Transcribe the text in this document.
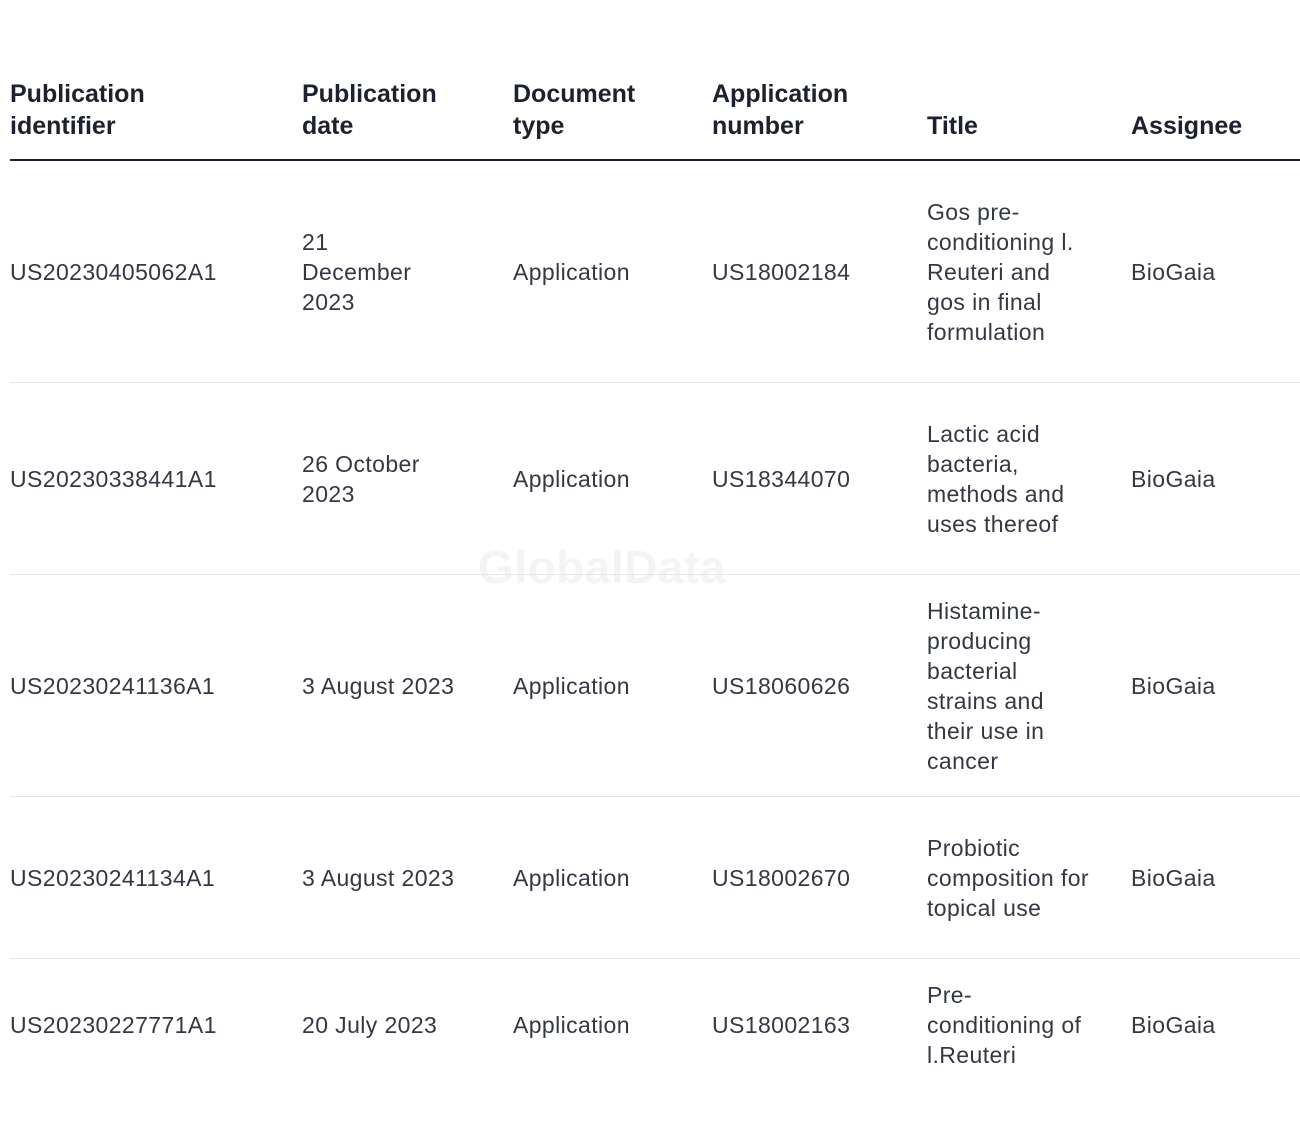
GlobalData
Publication identifier	Publication date	Document type	Application number	Title	Assignee
US20230405062A1	21 December 2023	Application	US18002184	Gos pre-conditioning l. Reuteri and gos in final formulation	BioGaia
US20230338441A1	26 October 2023	Application	US18344070	Lactic acid bacteria, methods and uses thereof	BioGaia
US20230241136A1	3 August 2023	Application	US18060626	Histamine-producing bacterial strains and their use in cancer	BioGaia
US20230241134A1	3 August 2023	Application	US18002670	Probiotic composition for topical use	BioGaia
US20230227771A1	20 July 2023	Application	US18002163	Pre-conditioning of l.Reuteri	BioGaia
